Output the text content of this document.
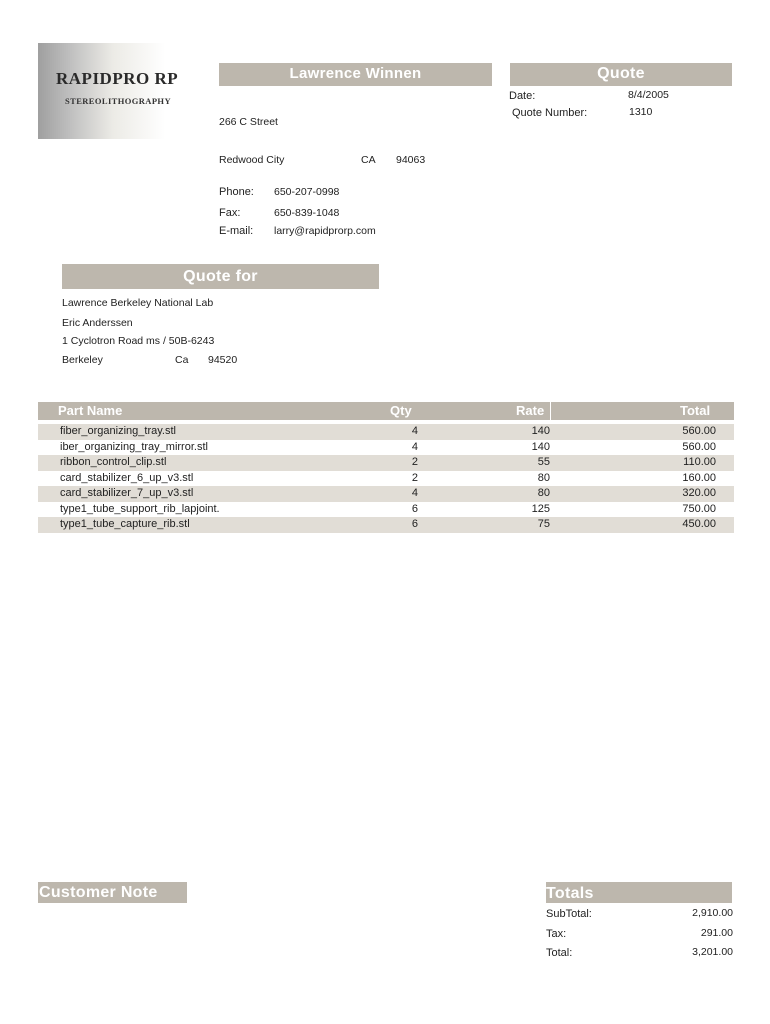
RAPIDPRO RP
STEREOLITHOGRAPHY
Lawrence Winnen	Quote
Date:	8/4/2005
Quote Number:	1310
266 C Street
Redwood City	CA 94063
Phone: 650-207-0998
Fax:	650-839-1048
E-mail: larry@rapidprorp.com
Quote for
Lawrence Berkeley National Lab
Eric Anderssen
1 Cyclotron Road ms / 50B-6243
Berkeley	Ca 94520
Part Name	Qty	Rate	Total
fiber_organizing_tray.stl	4	140	560.00
iber_organizing_tray_mirror.stl	4	140	560.00
ribbon_control_clip.stl	2	55	110.00
card_stabilizer_6_up_v3.stl	2	80	160.00
card_stabilizer_7_up_v3.stl	4	80	320.00
type1_tube_support_rib_lapjoint.	6	125	750.00
type1_tube_capture_rib.stl	6	75	450.00
Customer Note	Totals
SubTotal:	2,910.00
Tax:	291.00
Total:	3,201.00
